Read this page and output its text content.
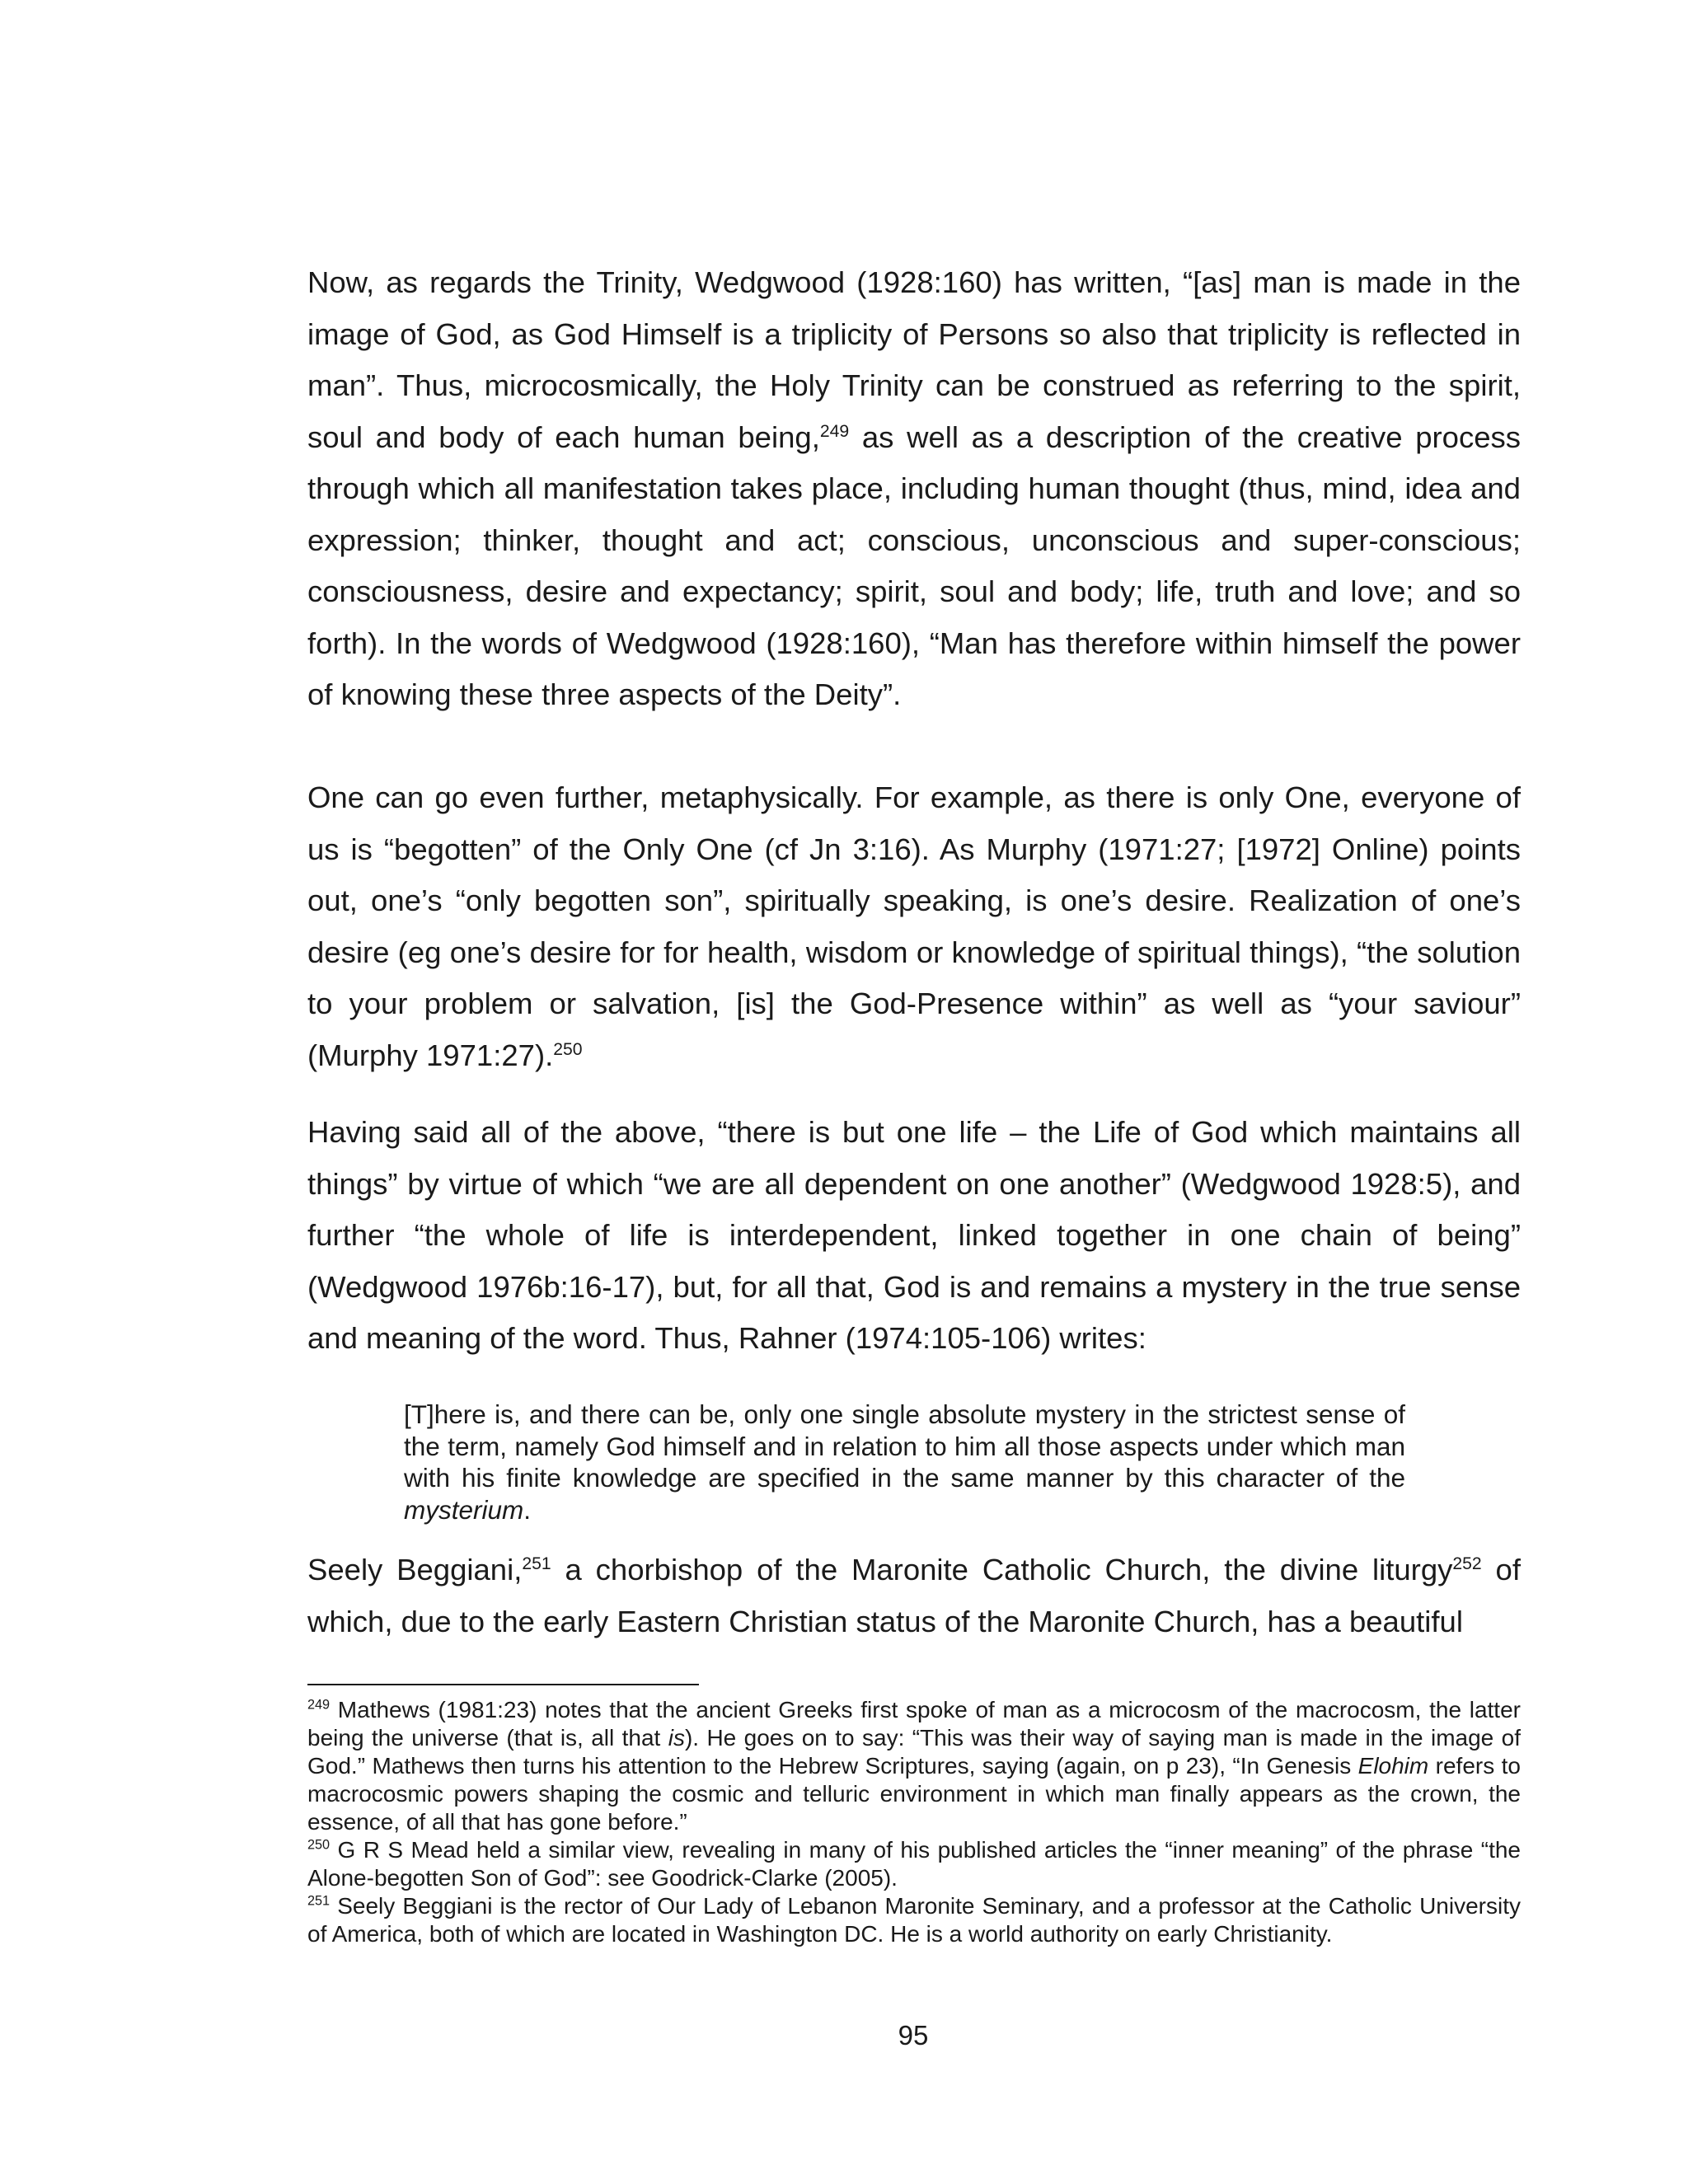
Now, as regards the Trinity, Wedgwood (1928:160) has written, “[as] man is made in the image of God, as God Himself is a triplicity of Persons so also that triplicity is reflected in man”. Thus, microcosmically, the Holy Trinity can be construed as referring to the spirit, soul and body of each human being,$^{249}$ as well as a description of the creative process through which all manifestation takes place, including human thought (thus, mind, idea and expression; thinker, thought and act; conscious, unconscious and super-conscious; consciousness, desire and expectancy; spirit, soul and body; life, truth and love; and so forth). In the words of Wedgwood (1928:160), “Man has therefore within himself the power of knowing these three aspects of the Deity”.

One can go even further, metaphysically. For example, as there is only One, everyone of us is “begotten” of the Only One (cf Jn 3:16). As Murphy (1971:27; [1972] Online) points out, one’s “only begotten son”, spiritually speaking, is one’s desire. Realization of one’s desire (eg one’s desire for for health, wisdom or knowledge of spiritual things), “the solution to your problem or salvation, [is] the God-Presence within” as well as “your saviour” (Murphy 1971:27).$^{250}$

Having said all of the above, “there is but one life – the Life of God which maintains all things” by virtue of which “we are all dependent on one another” (Wedgwood 1928:5), and further “the whole of life is interdependent, linked together in one chain of being” (Wedgwood 1976b:16-17), but, for all that, God is and remains a mystery in the true sense and meaning of the word. Thus, Rahner (1974:105-106) writes:

[T]here is, and there can be, only one single absolute mystery in the strictest sense of the term, namely God himself and in relation to him all those aspects under which man with his finite knowledge are specified in the same manner by this character of the mysterium.

Seely Beggiani,$^{251}$ a chorbishop of the Maronite Catholic Church, the divine liturgy$^{252}$ of which, due to the early Eastern Christian status of the Maronite Church, has a beautiful

$^{249}$ Mathews (1981:23) notes that the ancient Greeks first spoke of man as a microcosm of the macrocosm, the latter being the universe (that is, all that is). He goes on to say: “This was their way of saying man is made in the image of God.” Mathews then turns his attention to the Hebrew Scriptures, saying (again, on p 23), “In Genesis Elohim refers to macrocosmic powers shaping the cosmic and telluric environment in which man finally appears as the crown, the essence, of all that has gone before.”

$^{250}$ G R S Mead held a similar view, revealing in many of his published articles the “inner meaning” of the phrase “the Alone-begotten Son of God”: see Goodrick-Clarke (2005).

$^{251}$ Seely Beggiani is the rector of Our Lady of Lebanon Maronite Seminary, and a professor at the Catholic University of America, both of which are located in Washington DC. He is a world authority on early Christianity.

95
